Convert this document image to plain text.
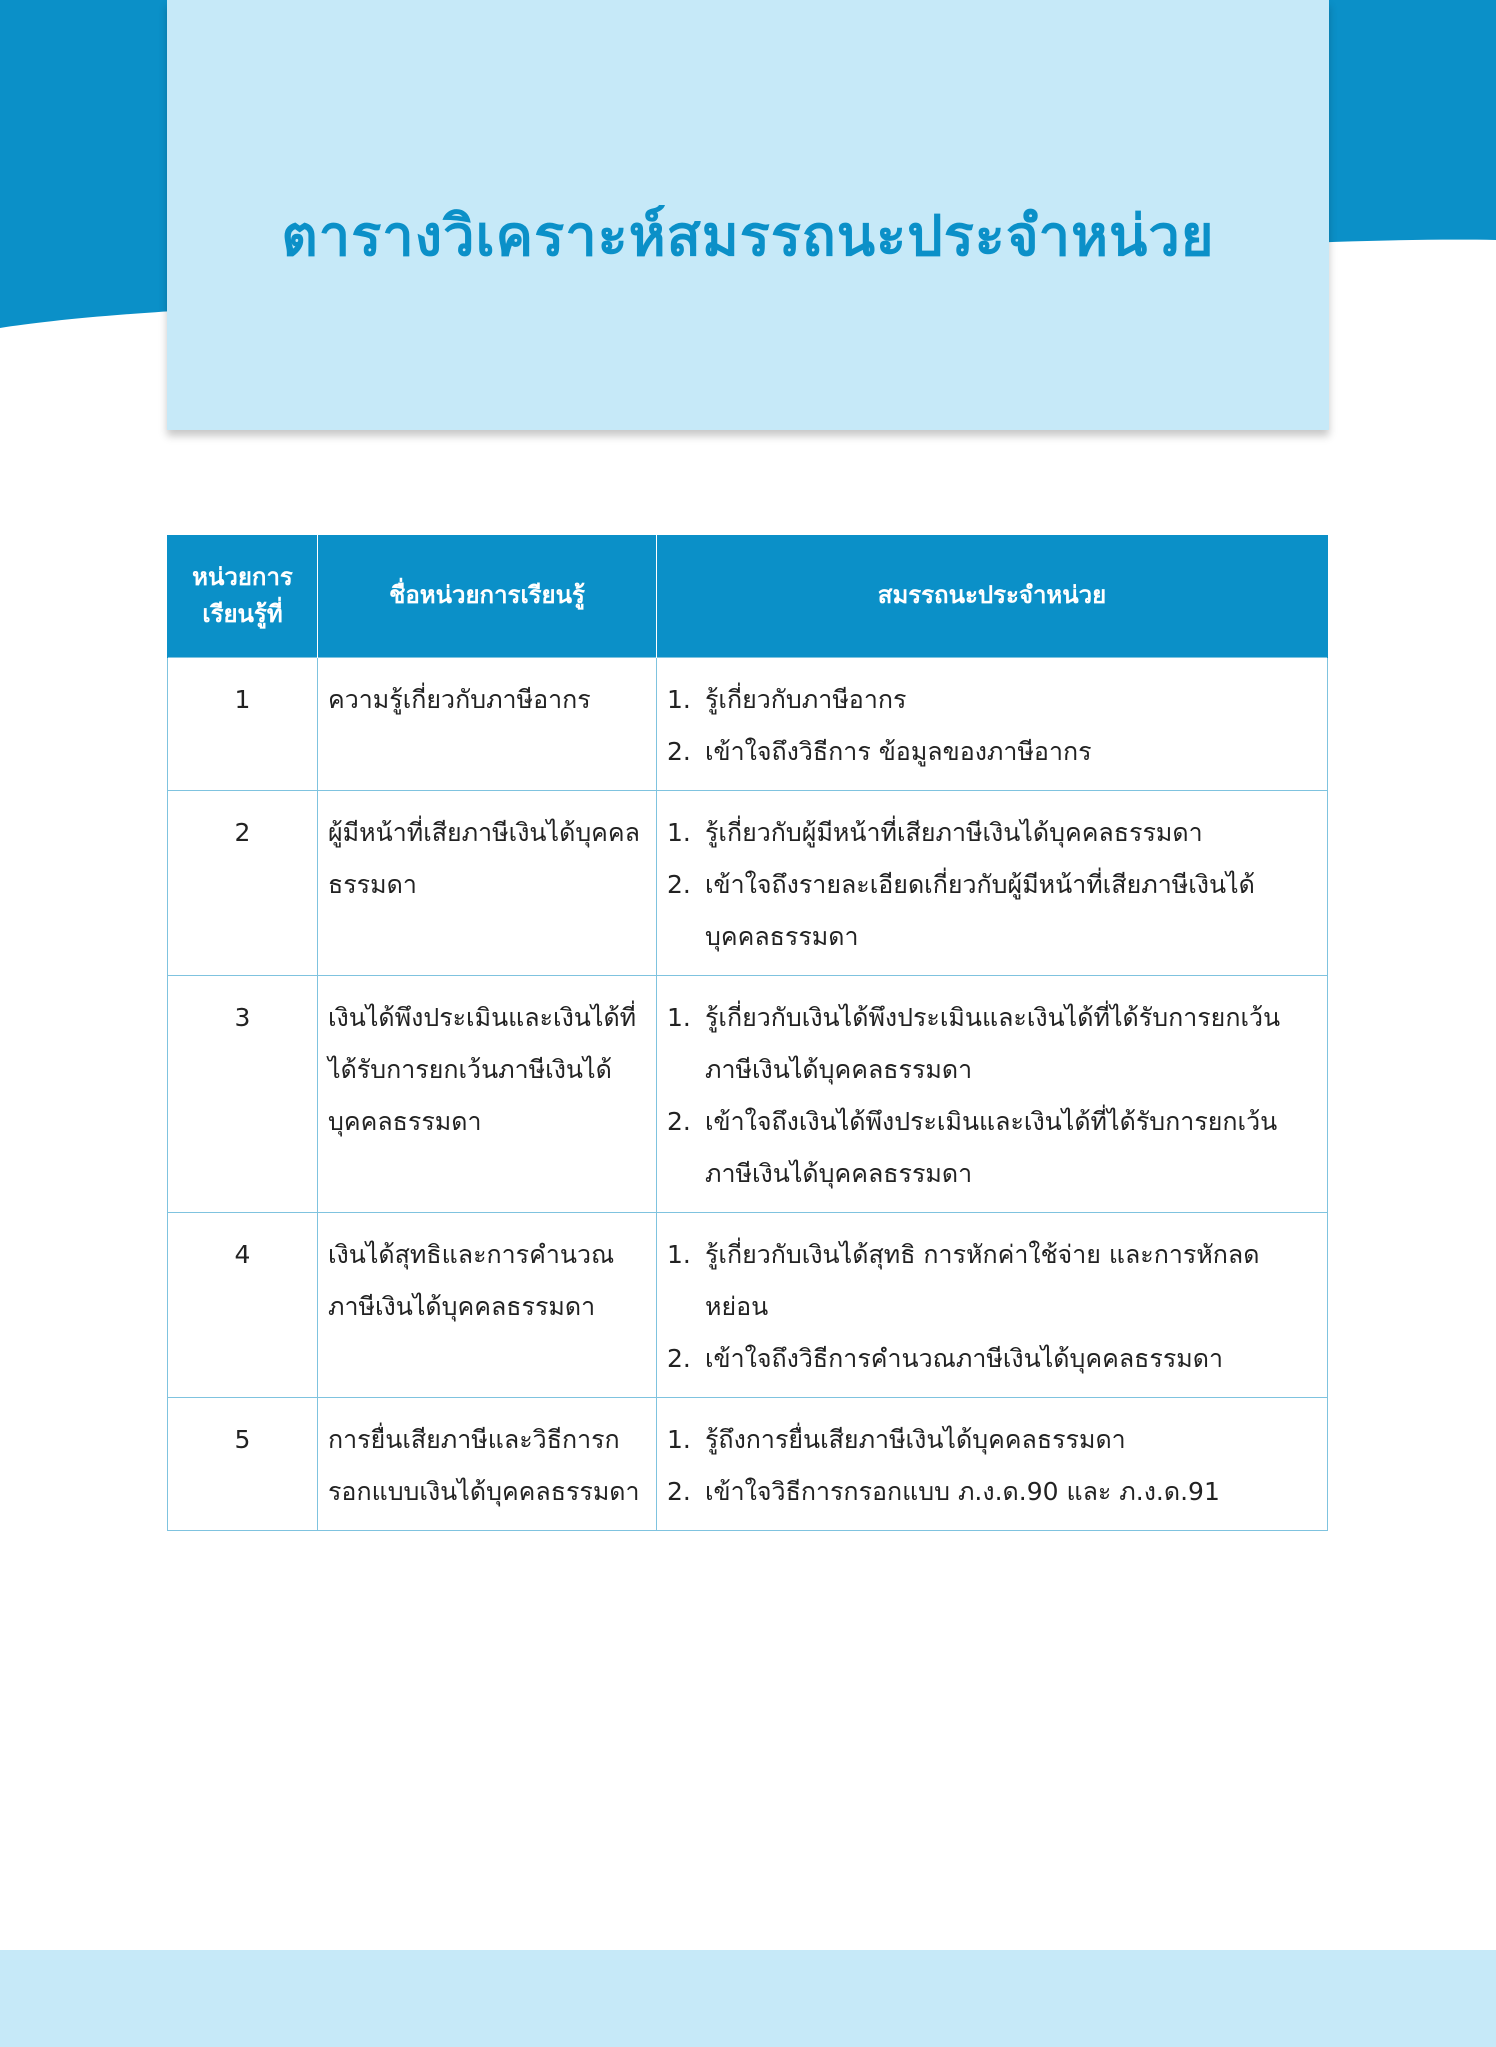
ตารางวิเคราะห์สมรรถนะประจำหน่วย
หน่วยการเรียนรู้ที่	ชื่อหน่วยการเรียนรู้	สมรรถนะประจำหน่วย
1	ความรู้เกี่ยวกับภาษีอากร	1. รู้เกี่ยวกับภาษีอากร
2. เข้าใจถึงวิธีการ ข้อมูลของภาษีอากร

2	ผู้มีหน้าที่เสียภาษีเงินได้บุคคลธรรมดา	1. รู้เกี่ยวกับผู้มีหน้าที่เสียภาษีเงินได้บุคคลธรรมดา
2. เข้าใจถึงรายละเอียดเกี่ยวกับผู้มีหน้าที่เสียภาษีเงินได้บุคคลธรรมดา

3	เงินได้พึงประเมินและเงินได้ที่ได้รับการยกเว้นภาษีเงินได้บุคคลธรรมดา	1. รู้เกี่ยวกับเงินได้พึงประเมินและเงินได้ที่ได้รับการยกเว้นภาษีเงินได้บุคคลธรรมดา
2. เข้าใจถึงเงินได้พึงประเมินและเงินได้ที่ได้รับการยกเว้นภาษีเงินได้บุคคลธรรมดา

4	เงินได้สุทธิและการคำนวณภาษีเงินได้บุคคลธรรมดา	1. รู้เกี่ยวกับเงินได้สุทธิ การหักค่าใช้จ่าย และการหักลดหย่อน
2. เข้าใจถึงวิธีการคำนวณภาษีเงินได้บุคคลธรรมดา

5	การยื่นเสียภาษีและวิธีการกรอกแบบเงินได้บุคคลธรรมดา	1. รู้ถึงการยื่นเสียภาษีเงินได้บุคคลธรรมดา
2. เข้าใจวิธีการกรอกแบบ ภ.ง.ด.90 และ ภ.ง.ด.91
